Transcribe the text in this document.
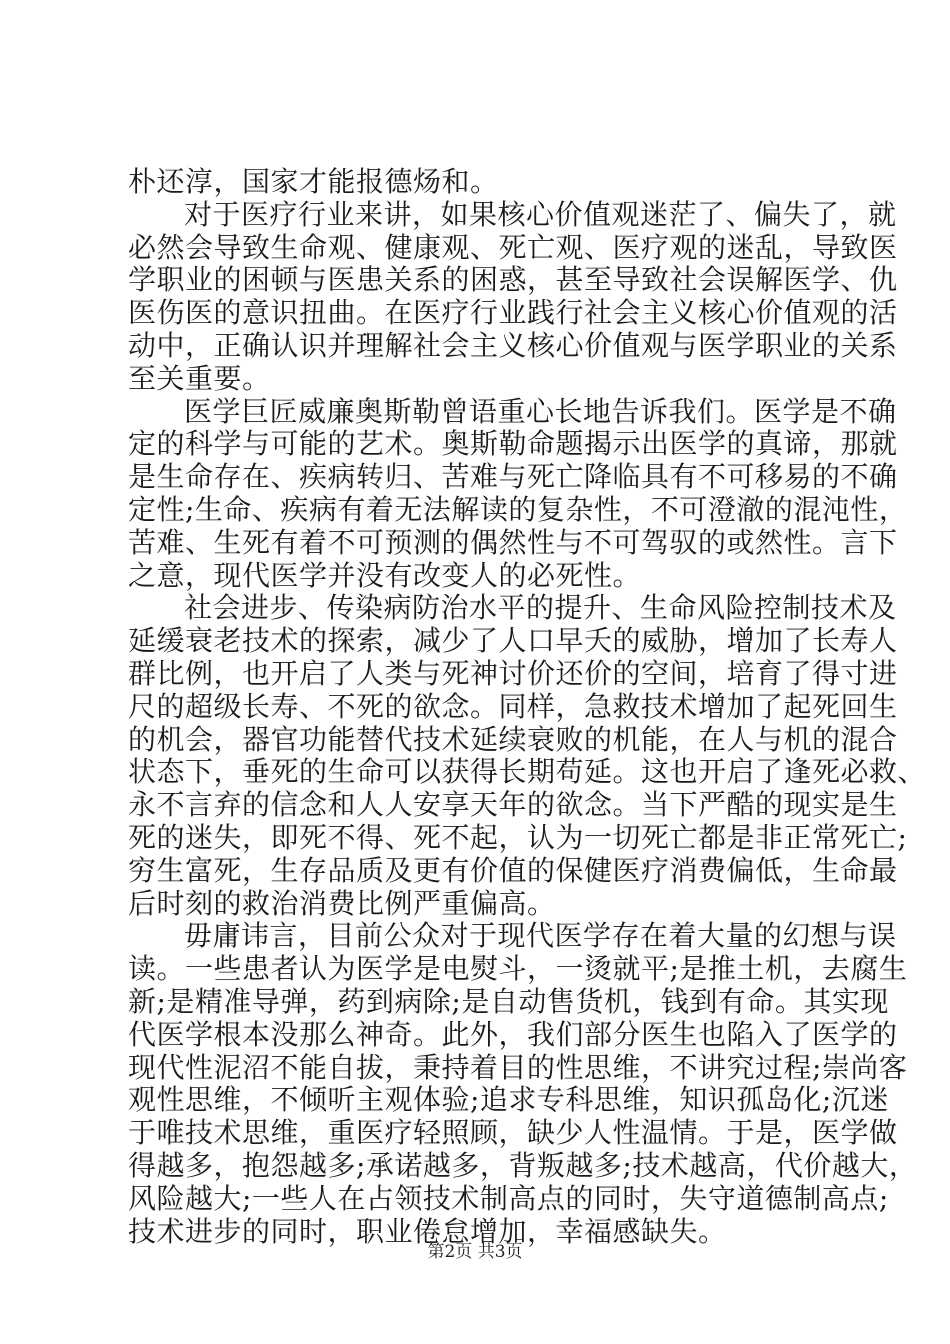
朴还淳，国家才能报德炀和。
对于医疗行业来讲，如果核心价值观迷茫了、偏失了，就
必然会导致生命观、健康观、死亡观、医疗观的迷乱，导致医
学职业的困顿与医患关系的困惑，甚至导致社会误解医学、仇
医伤医的意识扭曲。在医疗行业践行社会主义核心价值观的活
动中，正确认识并理解社会主义核心价值观与医学职业的关系
至关重要。
医学巨匠威廉奥斯勒曾语重心长地告诉我们。医学是不确
定的科学与可能的艺术。奥斯勒命题揭示出医学的真谛，那就
是生命存在、疾病转归、苦难与死亡降临具有不可移易的不确
定性;生命、疾病有着无法解读的复杂性，不可澄澈的混沌性，
苦难、生死有着不可预测的偶然性与不可驾驭的或然性。言下
之意，现代医学并没有改变人的必死性。
社会进步、传染病防治水平的提升、生命风险控制技术及
延缓衰老技术的探索，减少了人口早夭的威胁，增加了长寿人
群比例，也开启了人类与死神讨价还价的空间，培育了得寸进
尺的超级长寿、不死的欲念。同样，急救技术增加了起死回生
的机会，器官功能替代技术延续衰败的机能，在人与机的混合
状态下，垂死的生命可以获得长期苟延。这也开启了逢死必救、
永不言弃的信念和人人安享天年的欲念。当下严酷的现实是生
死的迷失，即死不得、死不起，认为一切死亡都是非正常死亡;
穷生富死，生存品质及更有价值的保健医疗消费偏低，生命最
后时刻的救治消费比例严重偏高。
毋庸讳言，目前公众对于现代医学存在着大量的幻想与误
读。一些患者认为医学是电熨斗，一烫就平;是推土机，去腐生
新;是精准导弹，药到病除;是自动售货机，钱到有命。其实现
代医学根本没那么神奇。此外，我们部分医生也陷入了医学的
现代性泥沼不能自拔，秉持着目的性思维，不讲究过程;崇尚客
观性思维，不倾听主观体验;追求专科思维，知识孤岛化;沉迷
于唯技术思维，重医疗轻照顾，缺少人性温情。于是，医学做
得越多，抱怨越多;承诺越多，背叛越多;技术越高，代价越大，
风险越大;一些人在占领技术制高点的同时，失守道德制高点;
技术进步的同时，职业倦怠增加，幸福感缺失。
第2页 共3页
